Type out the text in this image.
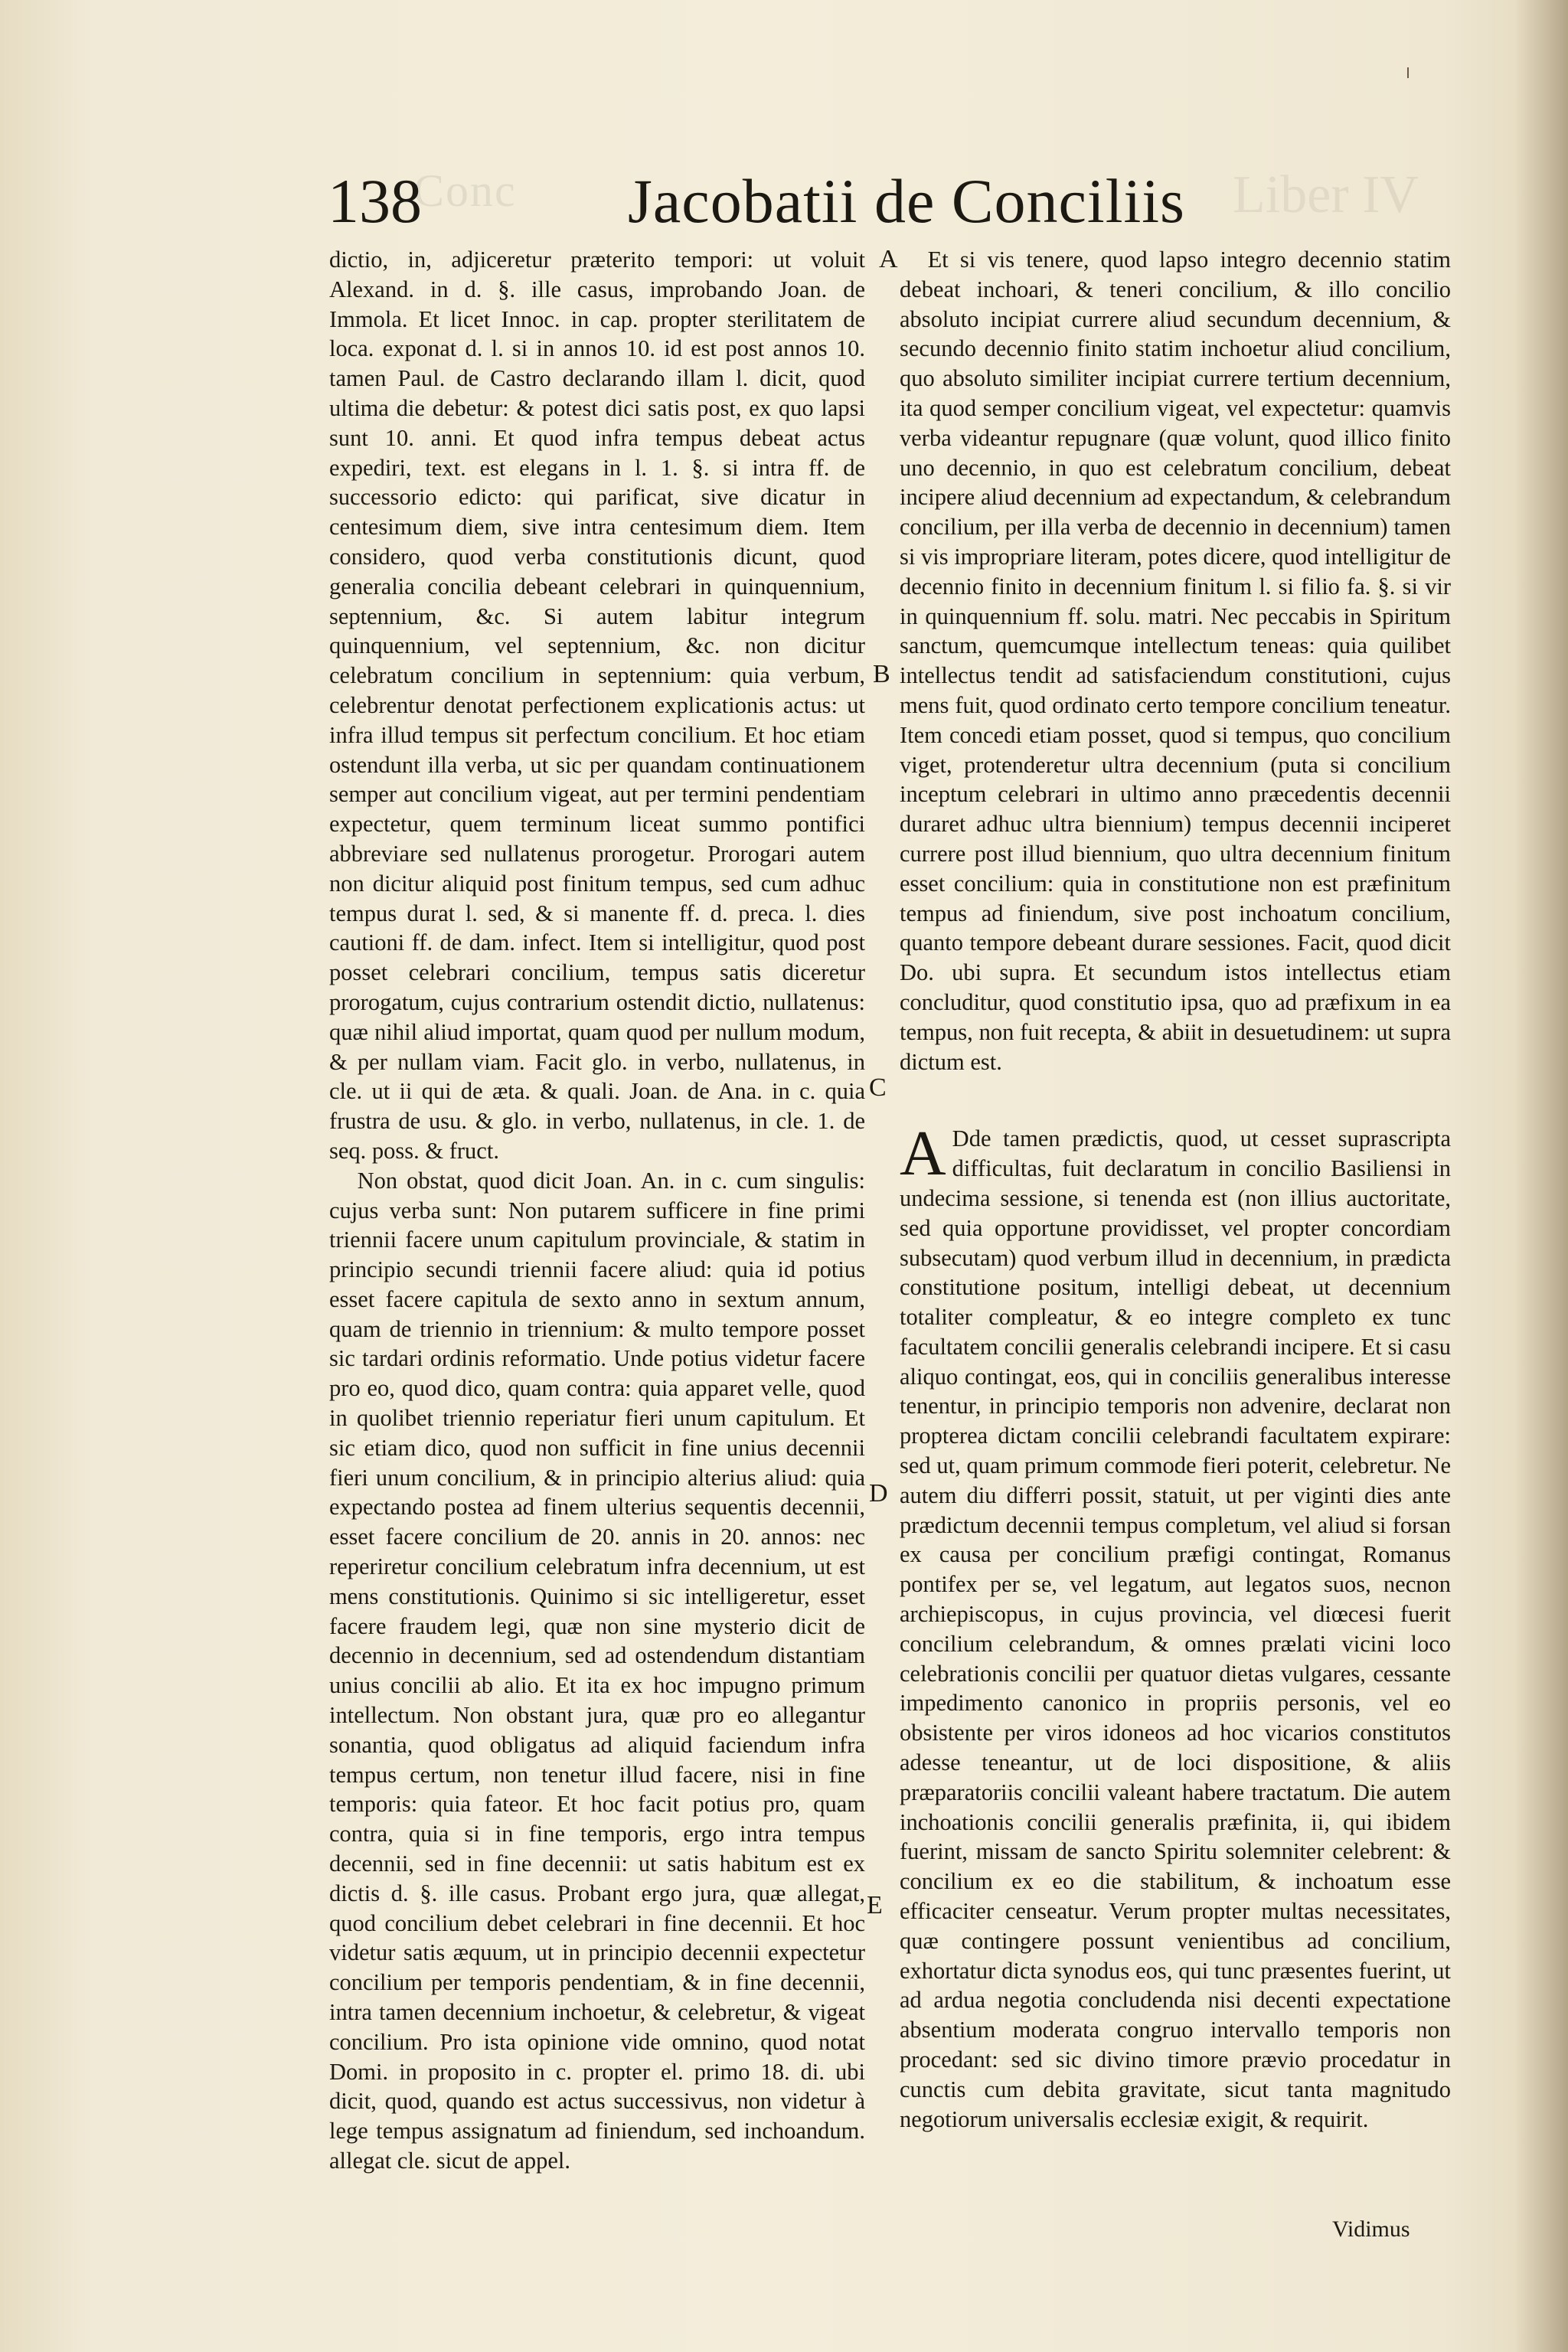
Conc	Liber IV
138	Jacobatii de Conciliis

dictio, in, adjiceretur præterito tempori: ut voluit Alexand. in d. §. ille casus, improbando Joan. de Immola. Et licet Innoc. in cap. propter sterilitatem de loca. exponat d. l. si in annos 10. id est post annos 10. tamen Paul. de Castro declarando illam l. dicit, quod ultima die debetur: & potest dici satis post, ex quo lapsi sunt 10. anni. Et quod infra tempus debeat actus expediri, text. est elegans in l. 1. §. si intra ff. de successorio edicto: qui parificat, sive dicatur in centesimum diem, sive intra centesimum diem. Item considero, quod verba constitutionis dicunt, quod generalia concilia debeant celebrari in quinquennium, septennium, &c. Si autem labitur integrum quinquennium, vel septennium, &c. non dicitur celebratum concilium in septennium: quia verbum, celebrentur denotat perfectionem explicationis actus: ut infra illud tempus sit perfectum concilium. Et hoc etiam ostendunt illa verba, ut sic per quandam continuationem semper aut concilium vigeat, aut per termini pendentiam expectetur, quem terminum liceat summo pontifici abbreviare sed nullatenus prorogetur. Prorogari autem non dicitur aliquid post finitum tempus, sed cum adhuc tempus durat l. sed, & si manente ff. d. preca. l. dies cautioni ff. de dam. infect. Item si intelligitur, quod post posset celebrari concilium, tempus satis diceretur prorogatum, cujus contrarium ostendit dictio, nullatenus: quæ nihil aliud importat, quam quod per nullum modum, & per nullam viam. Facit glo. in verbo, nullatenus, in cle. ut ii qui de æta. & quali. Joan. de Ana. in c. quia frustra de usu. & glo. in verbo, nullatenus, in cle. 1. de seq. poss. & fruct.

Non obstat, quod dicit Joan. An. in c. cum singulis: cujus verba sunt: Non putarem sufficere in fine primi triennii facere unum capitulum provinciale, & statim in principio secundi triennii facere aliud: quia id potius esset facere capitula de sexto anno in sextum annum, quam de triennio in triennium: & multo tempore posset sic tardari ordinis reformatio. Unde potius videtur facere pro eo, quod dico, quam contra: quia apparet velle, quod in quolibet triennio reperiatur fieri unum capitulum. Et sic etiam dico, quod non sufficit in fine unius decennii fieri unum concilium, & in principio alterius aliud: quia expectando postea ad finem ulterius sequentis decennii, esset facere concilium de 20. annis in 20. annos: nec reperiretur concilium celebratum infra decennium, ut est mens constitutionis. Quinimo si sic intelligeretur, esset facere fraudem legi, quæ non sine mysterio dicit de decennio in decennium, sed ad ostendendum distantiam unius concilii ab alio. Et ita ex hoc impugno primum intellectum. Non obstant jura, quæ pro eo allegantur sonantia, quod obligatus ad aliquid faciendum infra tempus certum, non tenetur illud facere, nisi in fine temporis: quia fateor. Et hoc facit potius pro, quam contra, quia si in fine temporis, ergo intra tempus decennii, sed in fine decennii: ut satis habitum est ex dictis d. §. ille casus. Probant ergo jura, quæ allegat, quod concilium debet celebrari in fine decennii. Et hoc videtur satis æquum, ut in principio decennii expectetur concilium per temporis pendentiam, & in fine decennii, intra tamen decennium inchoetur, & celebretur, & vigeat concilium. Pro ista opinione vide omnino, quod notat Domi. in proposito in c. propter el. primo 18. di. ubi dicit, quod, quando est actus successivus, non videtur à lege tempus assignatum ad finiendum, sed inchoandum. allegat cle. sicut de appel.

A
B
C
D
E

Et si vis tenere, quod lapso integro decennio statim debeat inchoari, & teneri concilium, & illo concilio absoluto incipiat currere aliud secundum decennium, & secundo decennio finito statim inchoetur aliud concilium, quo absoluto similiter incipiat currere tertium decennium, ita quod semper concilium vigeat, vel expectetur: quamvis verba videantur repugnare (quæ volunt, quod illico finito uno decennio, in quo est celebratum concilium, debeat incipere aliud decennium ad expectandum, & celebrandum concilium, per illa verba de decennio in decennium) tamen si vis impropriare literam, potes dicere, quod intelligitur de decennio finito in decennium finitum l. si filio fa. §. si vir in quinquennium ff. solu. matri. Nec peccabis in Spiritum sanctum, quemcumque intellectum teneas: quia quilibet intellectus tendit ad satisfaciendum constitutioni, cujus mens fuit, quod ordinato certo tempore concilium teneatur. Item concedi etiam posset, quod si tempus, quo concilium viget, protenderetur ultra decennium (puta si concilium inceptum celebrari in ultimo anno præcedentis decennii duraret adhuc ultra biennium) tempus decennii inciperet currere post illud biennium, quo ultra decennium finitum esset concilium: quia in constitutione non est præfinitum tempus ad finiendum, sive post inchoatum concilium, quanto tempore debeant durare sessiones. Facit, quod dicit Do. ubi supra. Et secundum istos intellectus etiam concluditur, quod constitutio ipsa, quo ad præfixum in ea tempus, non fuit recepta, & abiit in desuetudinem: ut supra dictum est.

A Dde tamen prædictis, quod, ut cesset suprascripta difficultas, fuit declaratum in concilio Basiliensi in undecima sessione, si tenenda est (non illius auctoritate, sed quia opportune providisset, vel propter concordiam subsecutam) quod verbum illud in decennium, in prædicta constitutione positum, intelligi debeat, ut decennium totaliter compleatur, & eo integre completo ex tunc facultatem concilii generalis celebrandi incipere. Et si casu aliquo contingat, eos, qui in conciliis generalibus interesse tenentur, in principio temporis non advenire, declarat non propterea dictam concilii celebrandi facultatem expirare: sed ut, quam primum commode fieri poterit, celebretur. Ne autem diu differri possit, statuit, ut per viginti dies ante prædictum decennii tempus completum, vel aliud si forsan ex causa per concilium præfigi contingat, Romanus pontifex per se, vel legatum, aut legatos suos, necnon archiepiscopus, in cujus provincia, vel diœcesi fuerit concilium celebrandum, & omnes prælati vicini loco celebrationis concilii per quatuor dietas vulgares, cessante impedimento canonico in propriis personis, vel eo obsistente per viros idoneos ad hoc vicarios constitutos adesse teneantur, ut de loci dispositione, & aliis præparatoriis concilii valeant habere tractatum. Die autem inchoationis concilii generalis præfinita, ii, qui ibidem fuerint, missam de sancto Spiritu solemniter celebrent: & concilium ex eo die stabilitum, & inchoatum esse efficaciter censeatur. Verum propter multas necessitates, quæ contingere possunt venientibus ad concilium, exhortatur dicta synodus eos, qui tunc præsentes fuerint, ut ad ardua negotia concludenda nisi decenti expectatione absentium moderata congruo intervallo temporis non procedant: sed sic divino timore prævio procedatur in cunctis cum debita gravitate, sicut tanta magnitudo negotiorum universalis ecclesiæ exigit, & requirit.

Vidimus
